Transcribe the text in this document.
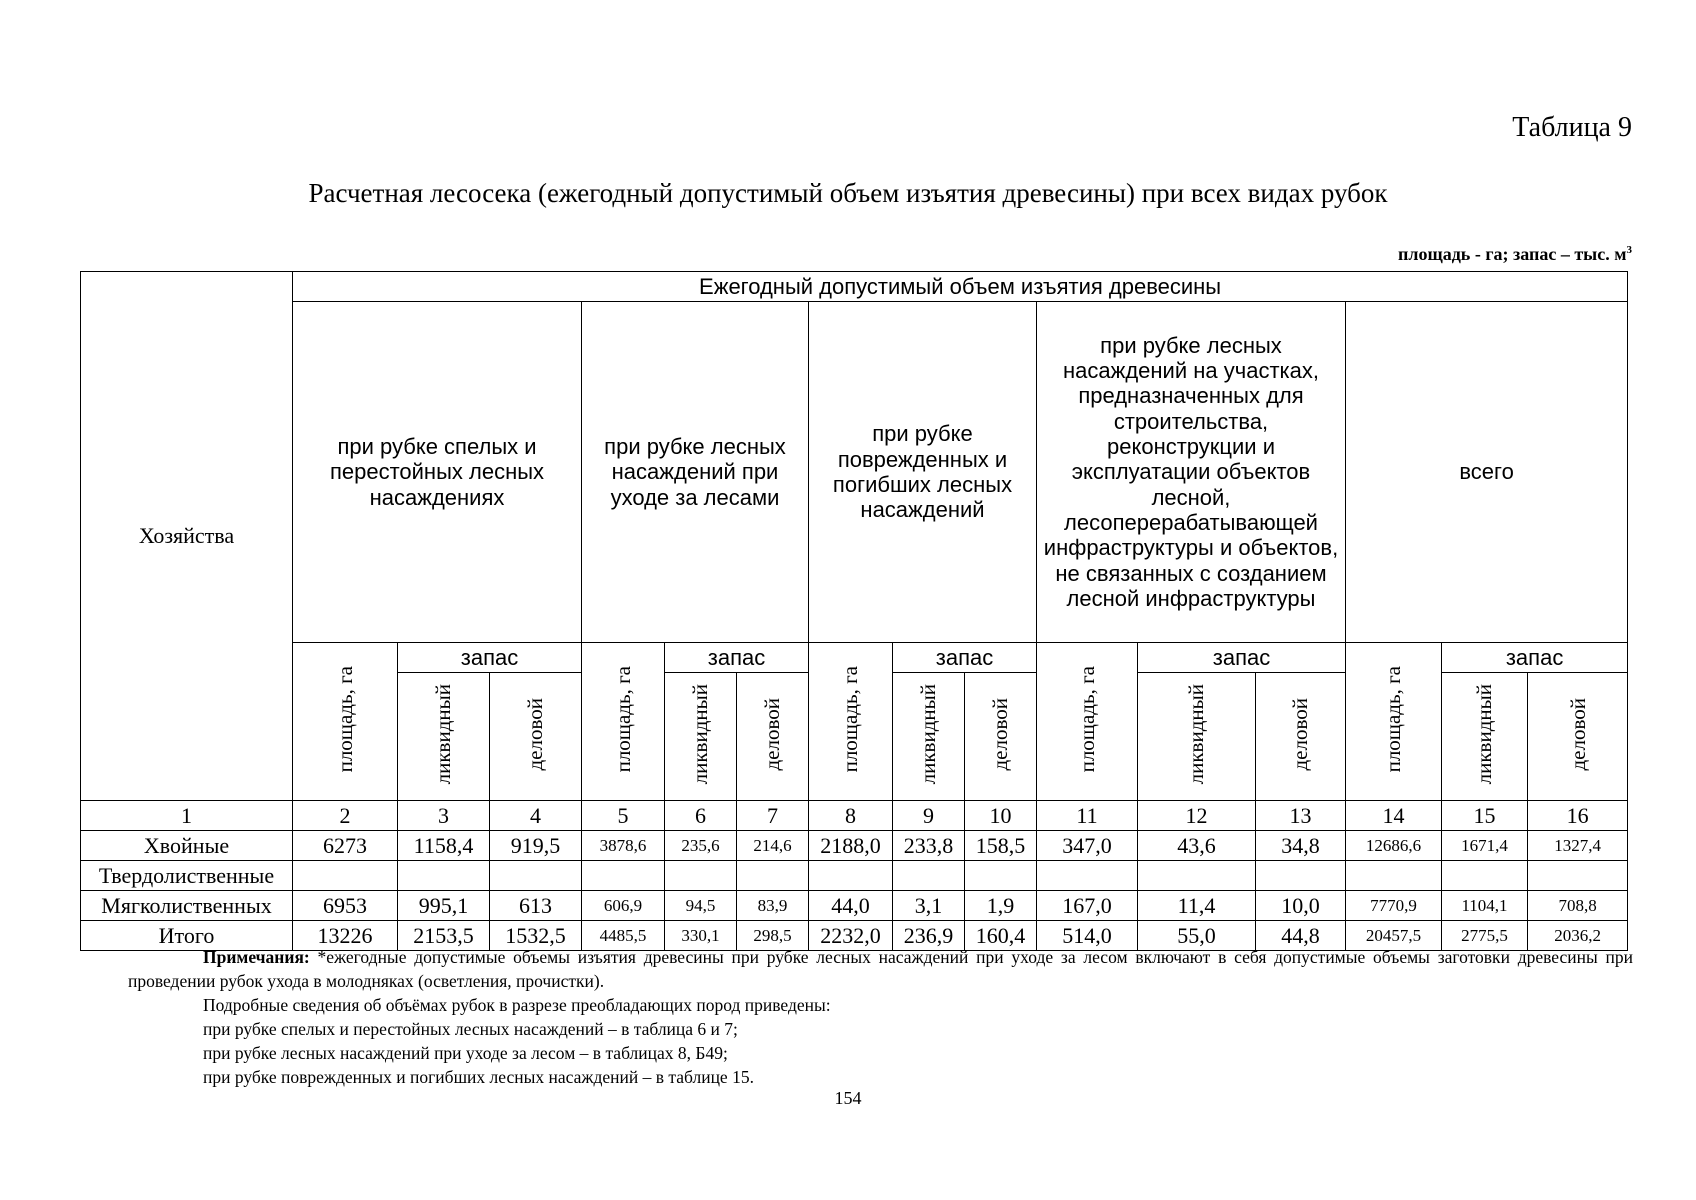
Таблица 9
Расчетная лесосека (ежегодный допустимый объем изъятия древесины) при всех видах рубок
площадь - га; запас – тыс. $м^3$
Хозяйства	Ежегодный допустимый объем изъятия древесины														
	при рубке спелых и перестойных лесных насаждениях			при рубке лесных насаждений при уходе за лесами			при рубке поврежденных и погибших лесных насаждений			при рубке лесных насаждений на участках, предназначенных для строительства, реконструкции и эксплуатации объектов лесной, лесоперерабатывающей инфраструктуры и объектов, не связанных с созданием лесной инфраструктуры			всего		
	площадь, га	запас		площадь, га	запас		площадь, га	запас		площадь, га	запас		площадь, га	запас	
		ликвидный	деловой		ликвидный	деловой		ликвидный	деловой		ликвидный	деловой		ликвидный	деловой
1	2	3	4	5	6	7	8	9	10	11	12	13	14	15	16
Хвойные	6273	1158,4	919,5	3878,6	235,6	214,6	2188,0	233,8	158,5	347,0	43,6	34,8	12686,6	1671,4	1327,4
Твердолиственные															
Мягколиственных	6953	995,1	613	606,9	94,5	83,9	44,0	3,1	1,9	167,0	11,4	10,0	7770,9	1104,1	708,8
Итого	13226	2153,5	1532,5	4485,5	330,1	298,5	2232,0	236,9	160,4	514,0	55,0	44,8	20457,5	2775,5	2036,2

Примечания: *ежегодные допустимые объемы изъятия древесины при рубке лесных насаждений при уходе за лесом включают в себя допустимые объемы заготовки древесины при проведении рубок ухода в молодняках (осветления, прочистки).

Подробные сведения об объёмах рубок в разрезе преобладающих пород приведены:

при рубке спелых и перестойных лесных насаждений – в таблица 6 и 7;

при рубке лесных насаждений при уходе за лесом – в таблицах 8, Б49;

при рубке поврежденных и погибших лесных насаждений – в таблице 15.

154
